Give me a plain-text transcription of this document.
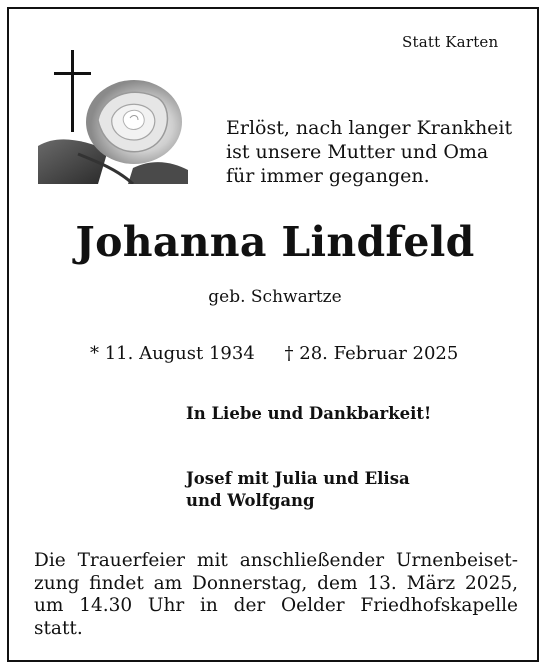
Statt Karten
Erlöst, nach langer Krankheit
ist unsere Mutter und Oma
für immer gegangen.
Johanna Lindfeld
geb. Schwartze
* 11. August 1934 † 28. Februar 2025
In Liebe und Dankbarkeit!
Josef mit Julia und Elisa
und Wolfgang
Die Trauerfeier mit anschließender Urnenbeiset-
zung findet am Donnerstag, dem 13. März 2025,
um 14.30 Uhr in der Oelder Friedhofskapelle
statt.
